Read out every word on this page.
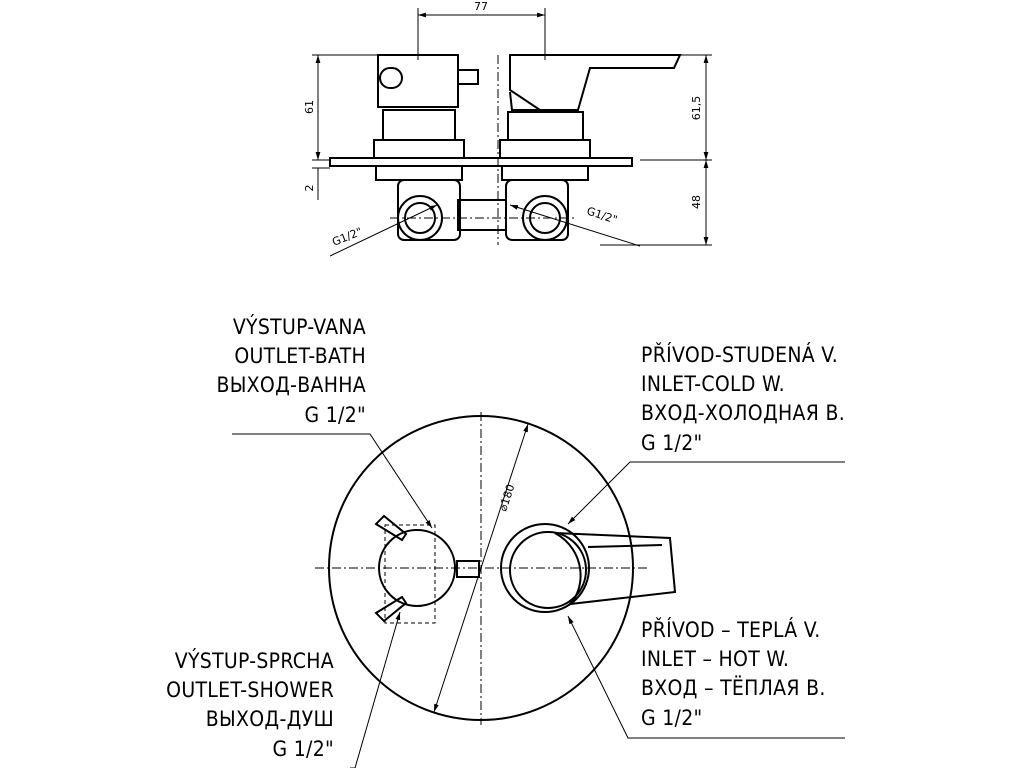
77
61
2
61,5
48
G1/2"
G1/2"
⌀180
VÝSTUP-VANA
OUTLET-BATH
ВЫХОД-ВАННА
G 1/2"
PŘÍVOD-STUDENÁ V.
INLET-COLD W.
ВХОД-ХОЛОДНАЯ В.
G 1/2"
VÝSTUP-SPRCHA
OUTLET-SHOWER
ВЫХОД-ДУШ
G 1/2"
PŘÍVOD – TEPLÁ V.
INLET – HOT W.
ВХОД – ТЁПЛАЯ В.
G 1/2"
